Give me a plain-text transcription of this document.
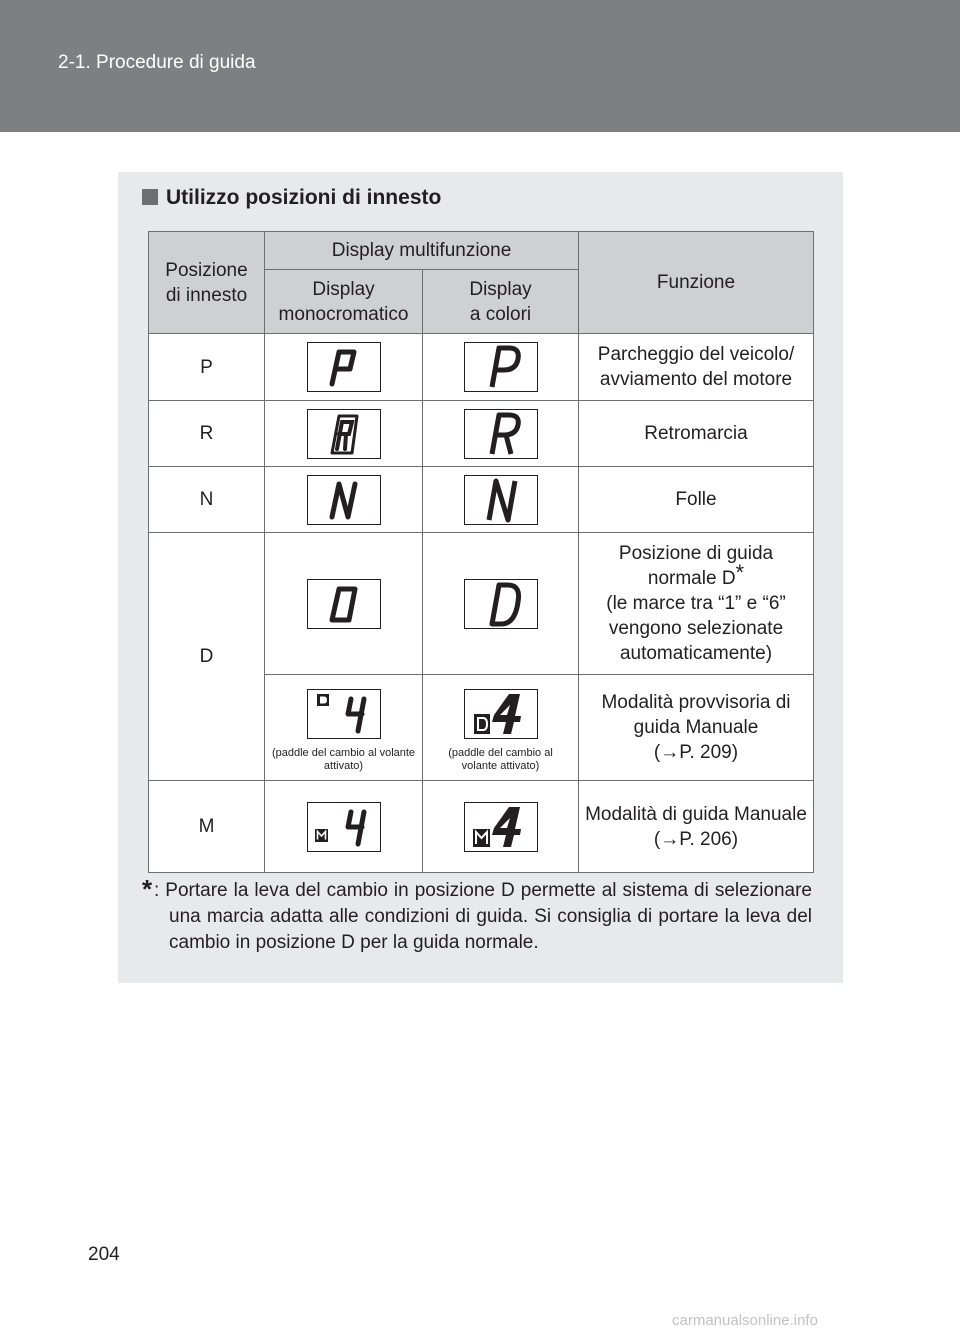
2-1. Procedure di guida
Utilizzo posizioni di innesto
Posizione di innesto	Display multifunzione		Funzione
	Display monocromatico	Display a colori	
P			Parcheggio del veicolo/ avviamento del motore
R			Retromarcia
N			Folle
D			Posizione di guida normale D*
(le marce tra “1” e “6” vengono selezionate automaticamente)

	(paddle del cambio al volante attivato)	(paddle del cambio al volante attivato)	Modalità provvisoria di guida Manuale
(→P. 209)
M			Modalità di guida Manuale
(→P. 206)
* : Portare la leva del cambio in posizione D permette al sistema di selezionare una marcia adatta alle condizioni di guida. Si consiglia di portare la leva del cambio in posizione D per la guida normale.
204
carmanualsonline.info
